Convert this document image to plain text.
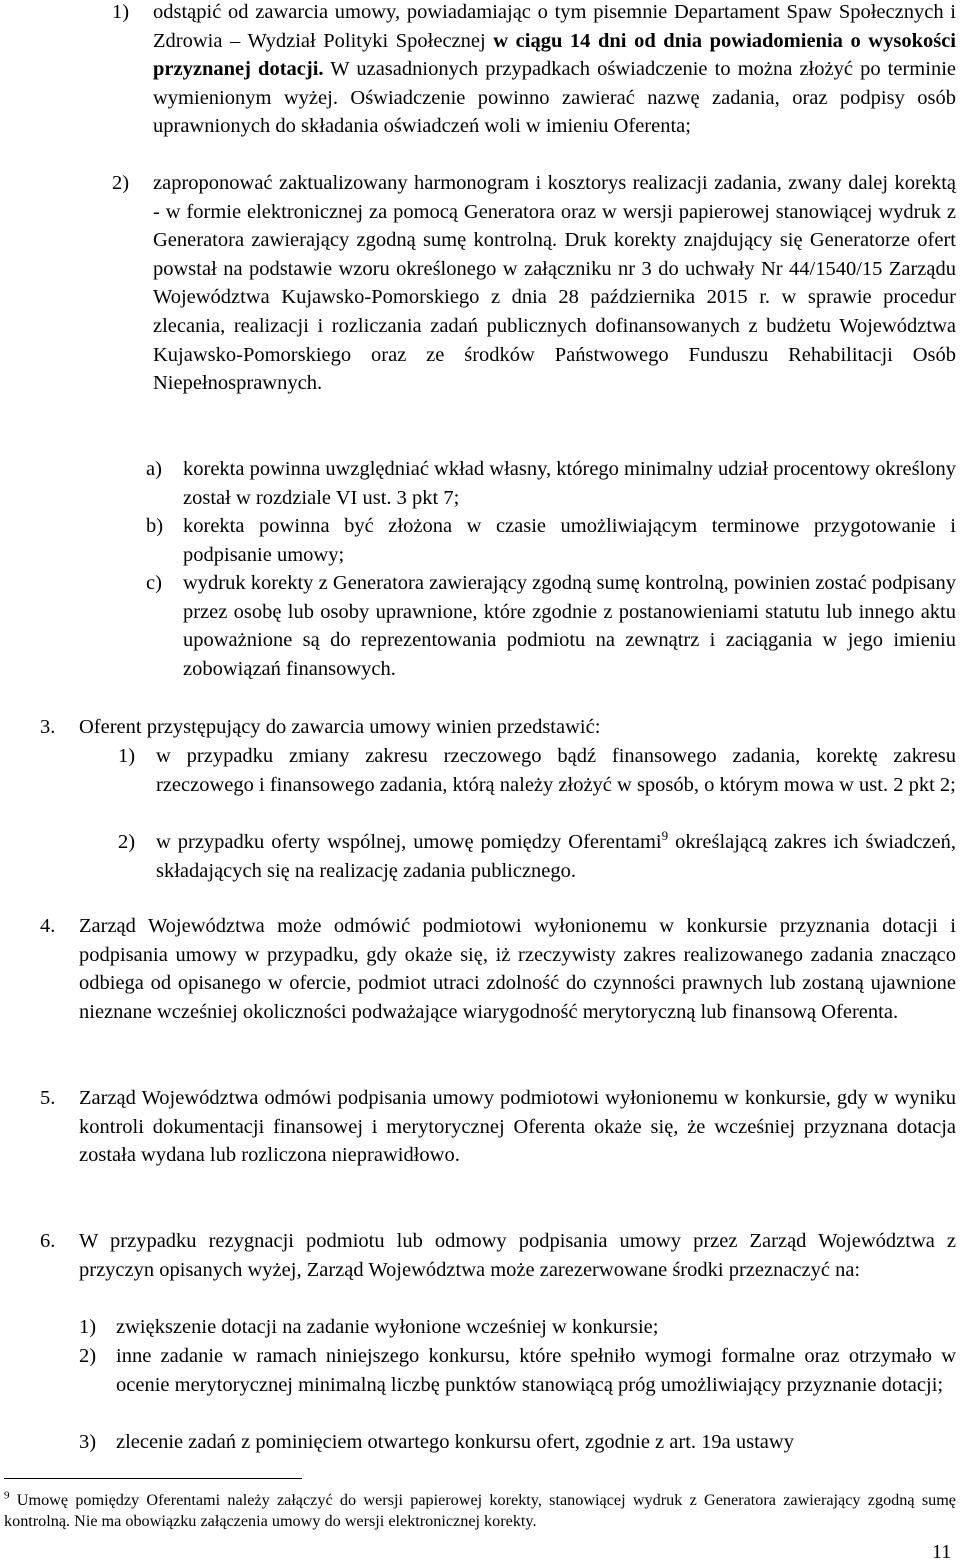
1) odstąpić od zawarcia umowy, powiadamiając o tym pisemnie Departament Spaw Społecznych i Zdrowia – Wydział Polityki Społecznej w ciągu 14 dni od dnia powiadomienia o wysokości przyznanej dotacji. W uzasadnionych przypadkach oświadczenie to można złożyć po terminie wymienionym wyżej. Oświadczenie powinno zawierać nazwę zadania, oraz podpisy osób uprawnionych do składania oświadczeń woli w imieniu Oferenta;
2) zaproponować zaktualizowany harmonogram i kosztorys realizacji zadania, zwany dalej korektą - w formie elektronicznej za pomocą Generatora oraz w wersji papierowej stanowiącej wydruk z Generatora zawierający zgodną sumę kontrolną. Druk korekty znajdujący się Generatorze ofert powstał na podstawie wzoru określonego w załączniku nr 3 do uchwały Nr 44/1540/15 Zarządu Województwa Kujawsko-Pomorskiego z dnia 28 października 2015 r. w sprawie procedur zlecania, realizacji i rozliczania zadań publicznych dofinansowanych z budżetu Województwa Kujawsko-Pomorskiego oraz ze środków Państwowego Funduszu Rehabilitacji Osób Niepełnosprawnych.
a) korekta powinna uwzględniać wkład własny, którego minimalny udział procentowy określony został w rozdziale VI ust. 3 pkt 7;
b) korekta powinna być złożona w czasie umożliwiającym terminowe przygotowanie i podpisanie umowy;
c) wydruk korekty z Generatora zawierający zgodną sumę kontrolną, powinien zostać podpisany przez osobę lub osoby uprawnione, które zgodnie z postanowieniami statutu lub innego aktu upoważnione są do reprezentowania podmiotu na zewnątrz i zaciągania w jego imieniu zobowiązań finansowych.
3. Oferent przystępujący do zawarcia umowy winien przedstawić:
1) w przypadku zmiany zakresu rzeczowego bądź finansowego zadania, korektę zakresu rzeczowego i finansowego zadania, którą należy złożyć w sposób, o którym mowa w ust. 2 pkt 2;
2) w przypadku oferty wspólnej, umowę pomiędzy Oferentami$^9$ określającą zakres ich świadczeń, składających się na realizację zadania publicznego.
4. Zarząd Województwa może odmówić podmiotowi wyłonionemu w konkursie przyznania dotacji i podpisania umowy w przypadku, gdy okaże się, iż rzeczywisty zakres realizowanego zadania znacząco odbiega od opisanego w ofercie, podmiot utraci zdolność do czynności prawnych lub zostaną ujawnione nieznane wcześniej okoliczności podważające wiarygodność merytoryczną lub finansową Oferenta.
5. Zarząd Województwa odmówi podpisania umowy podmiotowi wyłonionemu w konkursie, gdy w wyniku kontroli dokumentacji finansowej i merytorycznej Oferenta okaże się, że wcześniej przyznana dotacja została wydana lub rozliczona nieprawidłowo.
6. W przypadku rezygnacji podmiotu lub odmowy podpisania umowy przez Zarząd Województwa z przyczyn opisanych wyżej, Zarząd Województwa może zarezerwowane środki przeznaczyć na:
1) zwiększenie dotacji na zadanie wyłonione wcześniej w konkursie;
2) inne zadanie w ramach niniejszego konkursu, które spełniło wymogi formalne oraz otrzymało w ocenie merytorycznej minimalną liczbę punktów stanowiącą próg umożliwiający przyznanie dotacji;
3) zlecenie zadań z pominięciem otwartego konkursu ofert, zgodnie z art. 19a ustawy
$^9$ Umowę pomiędzy Oferentami należy załączyć do wersji papierowej korekty, stanowiącej wydruk z Generatora zawierający zgodną sumę kontrolną. Nie ma obowiązku załączenia umowy do wersji elektronicznej korekty.
11
